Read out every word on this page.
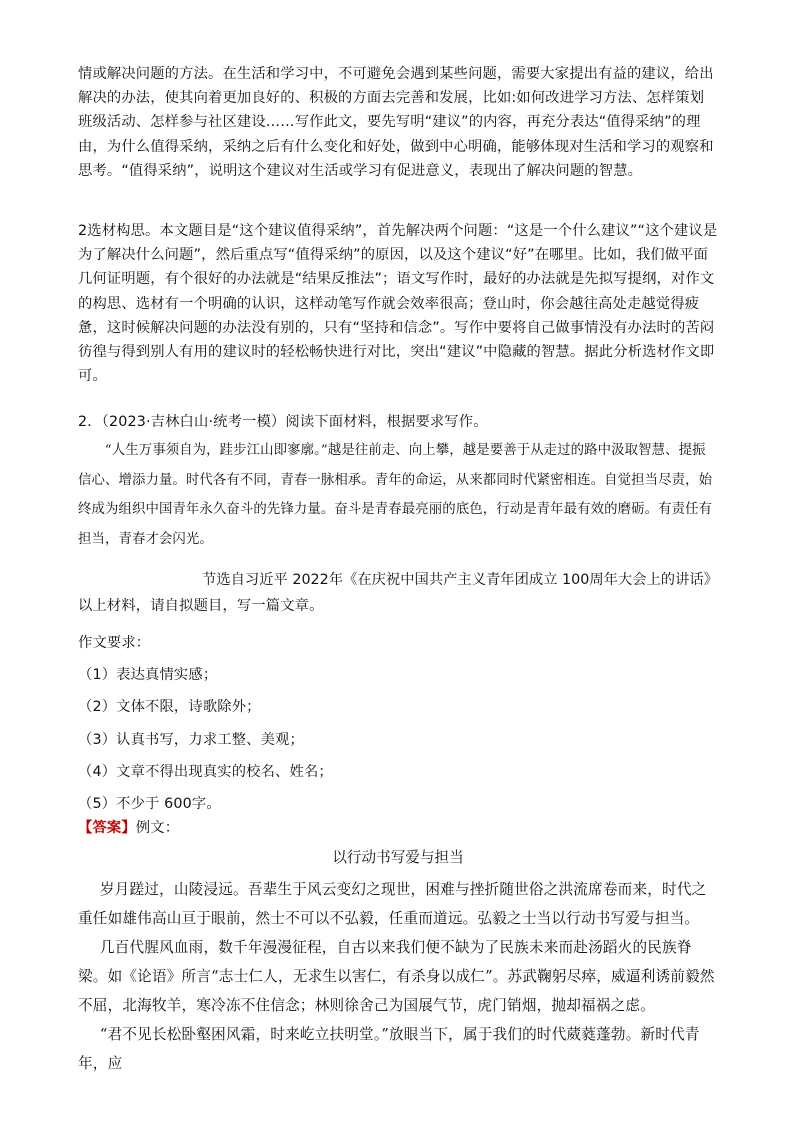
情或解决问题的方法。在生活和学习中，不可避免会遇到某些问题，需要大家提出有益的建议，给出解决的办法，使其向着更加良好的、积极的方面去完善和发展，比如:如何改进学习方法、怎样策划班级活动、怎样参与社区建设……写作此文，要先写明“建议”的内容，再充分表达“值得采纳”的理由，为什么值得采纳，采纳之后有什么变化和好处，做到中心明确，能够体现对生活和学习的观察和思考。“值得采纳”，说明这个建议对生活或学习有促进意义，表现出了解决问题的智慧。

2选材构思。本文题目是“这个建议值得采纳”，首先解决两个问题：“这是一个什么建议”“这个建议是为了解决什么问题”，然后重点写“值得采纳”的原因，以及这个建议“好”在哪里。比如，我们做平面几何证明题，有个很好的办法就是“结果反推法”；语文写作时，最好的办法就是先拟写提纲，对作文的构思、选材有一个明确的认识，这样动笔写作就会效率很高；登山时，你会越往高处走越觉得疲惫，这时候解决问题的办法没有别的，只有“坚持和信念”。写作中要将自己做事情没有办法时的苦闷彷徨与得到别人有用的建议时的轻松畅快进行对比，突出“建议”中隐藏的智慧。据此分析选材作文即可。

2．（2023·吉林白山·统考一模）阅读下面材料，根据要求写作。

“人生万事须自为，跬步江山即寥廓。”越是往前走、向上攀，越是要善于从走过的路中汲取智慧、提振信心、增添力量。时代各有不同，青春一脉相承。青年的命运，从来都同时代紧密相连。自觉担当尽责，始终成为组织中国青年永久奋斗的先锋力量。奋斗是青春最亮丽的底色，行动是青年最有效的磨砺。有责任有担当，青春才会闪光。

节选自习近平 2022年《在庆祝中国共产主义青年团成立 100周年大会上的讲话》

以上材料，请自拟题目，写一篇文章。

作文要求：

（1）表达真情实感；

（2）文体不限，诗歌除外；

（3）认真书写，力求工整、美观；

（4）文章不得出现真实的校名、姓名；

（5）不少于 600字。

【答案】例文：

以行动书写爱与担当

岁月蹉过，山陵浸远。吾辈生于风云变幻之现世，困难与挫折随世俗之洪流席卷而来，时代之重任如雄伟高山亘于眼前，然士不可以不弘毅，任重而道远。弘毅之士当以行动书写爱与担当。

几百代腥风血雨，数千年漫漫征程，自古以来我们便不缺为了民族未来而赴汤蹈火的民族脊梁。如《论语》所言“志士仁人，无求生以害仁，有杀身以成仁”。苏武鞠躬尽瘁，威逼利诱前毅然不屈，北海牧羊，寒冷冻不住信念；林则徐舍己为国展气节，虎门销烟，抛却福祸之虑。

“君不见长松卧壑困风霜，时来屹立扶明堂。”放眼当下，属于我们的时代葳蕤蓬勃。新时代青年，应
